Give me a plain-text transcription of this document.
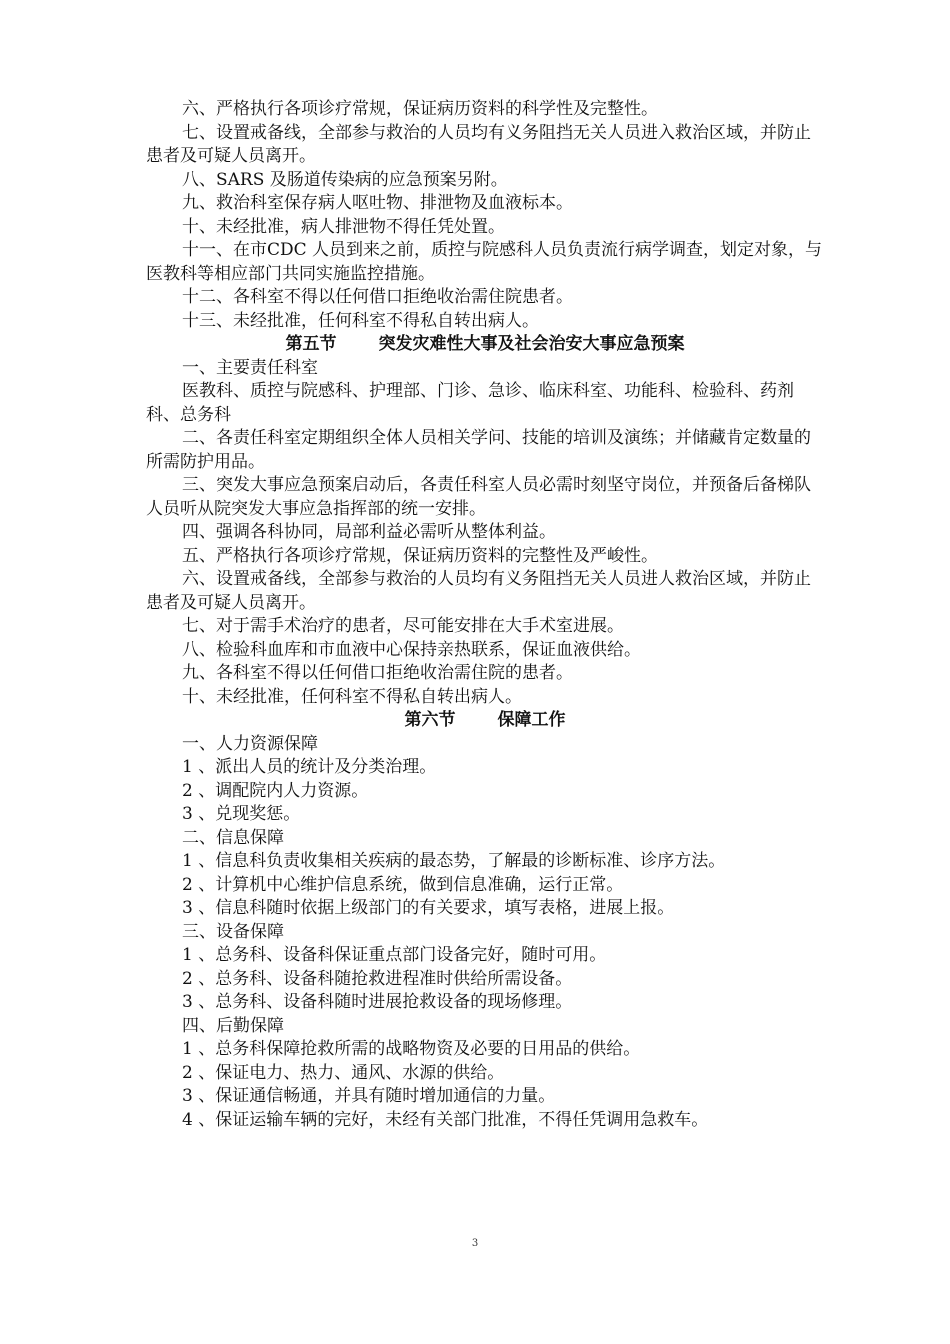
六、严格执行各项诊疗常规，保证病历资料的科学性及完整性。

七、设置戒备线，全部参与救治的人员均有义务阻挡无关人员进入救治区域，并防止患者及可疑人员离开。

八、SARS 及肠道传染病的应急预案另附。

九、救治科室保存病人呕吐物、排泄物及血液标本。

十、未经批准，病人排泄物不得任凭处置。

十一、在市CDC 人员到来之前，质控与院感科人员负责流行病学调查，划定对象，与医教科等相应部门共同实施监控措施。

十二、各科室不得以任何借口拒绝收治需住院患者。

十三、未经批准，任何科室不得私自转出病人。

第五节 突发灾难性大事及社会治安大事应急预案

一、主要责任科室

医教科、质控与院感科、护理部、门诊、急诊、临床科室、功能科、检验科、药剂科、总务科

二、各责任科室定期组织全体人员相关学问、技能的培训及演练；并储藏肯定数量的所需防护用品。

三、突发大事应急预案启动后，各责任科室人员必需时刻坚守岗位，并预备后备梯队人员听从院突发大事应急指挥部的统一安排。

四、强调各科协同，局部利益必需听从整体利益。

五、严格执行各项诊疗常规，保证病历资料的完整性及严峻性。

六、设置戒备线，全部参与救治的人员均有义务阻挡无关人员进人救治区域，并防止患者及可疑人员离开。

七、对于需手术治疗的患者，尽可能安排在大手术室进展。

八、检验科血库和市血液中心保持亲热联系，保证血液供给。

九、各科室不得以任何借口拒绝收治需住院的患者。

十、未经批准，任何科室不得私自转出病人。

第六节 保障工作

一、人力资源保障

1 、派出人员的统计及分类治理。

2 、调配院内人力资源。

3 、兑现奖惩。

二、信息保障

1 、信息科负责收集相关疾病的最态势，了解最的诊断标准、诊序方法。

2 、计算机中心维护信息系统，做到信息准确，运行正常。

3 、信息科随时依据上级部门的有关要求，填写表格，进展上报。

三、设备保障

1 、总务科、设备科保证重点部门设备完好，随时可用。

2 、总务科、设备科随抢救进程准时供给所需设备。

3 、总务科、设备科随时进展抢救设备的现场修理。

四、后勤保障

1 、总务科保障抢救所需的战略物资及必要的日用品的供给。

2 、保证电力、热力、通风、水源的供给。

3 、保证通信畅通，并具有随时增加通信的力量。

4 、保证运输车辆的完好，未经有关部门批准，不得任凭调用急救车。

3
